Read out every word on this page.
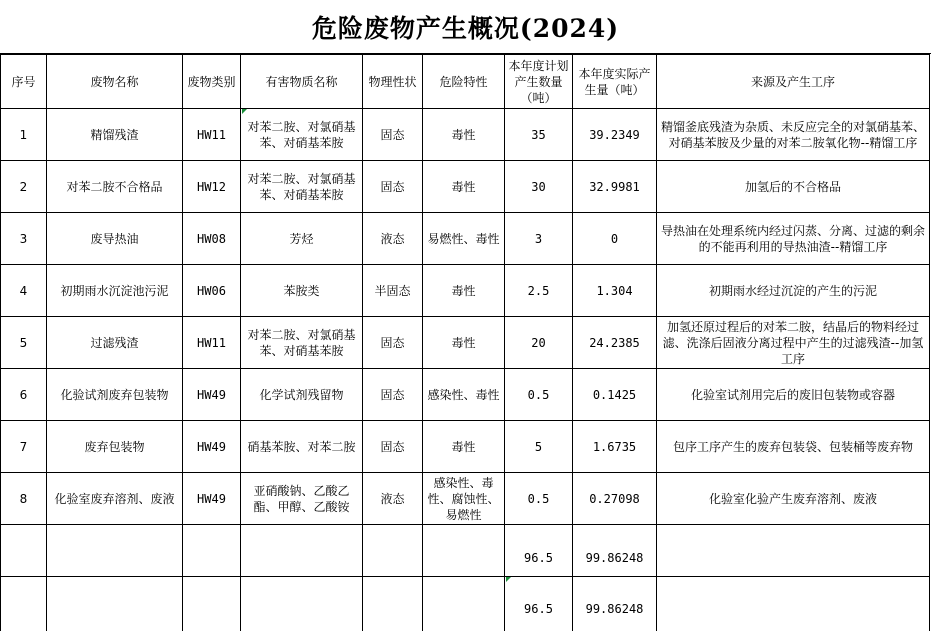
危险废物产生概况(2024)
序号	废物名称	废物类别	有害物质名称	物理性状	危险特性	本年度计划产生数量（吨）	本年度实际产生量（吨）	来源及产生工序
1	精馏残渣	HW11	对苯二胺、对氯硝基苯、对硝基苯胺	固态	毒性	35	39.2349	精馏釜底残渣为杂质、未反应完全的对氯硝基苯、对硝基苯胺及少量的对苯二胺氧化物--精馏工序
2	对苯二胺不合格品	HW12	对苯二胺、对氯硝基苯、对硝基苯胺	固态	毒性	30	32.9981	加氢后的不合格品
3	废导热油	HW08	芳烃	液态	易燃性、毒性	3	0	导热油在处理系统内经过闪蒸、分离、过滤的剩余的不能再利用的导热油渣--精馏工序
4	初期雨水沉淀池污泥	HW06	苯胺类	半固态	毒性	2.5	1.304	初期雨水经过沉淀的产生的污泥
5	过滤残渣	HW11	对苯二胺、对氯硝基苯、对硝基苯胺	固态	毒性	20	24.2385	加氢还原过程后的对苯二胺，结晶后的物料经过滤、洗涤后固液分离过程中产生的过滤残渣--加氢工序
6	化验试剂废弃包装物	HW49	化学试剂残留物	固态	感染性、毒性	0.5	0.1425	化验室试剂用完后的废旧包装物或容器
7	废弃包装物	HW49	硝基苯胺、对苯二胺	固态	毒性	5	1.6735	包序工序产生的废弃包装袋、包装桶等废弃物
8	化验室废弃溶剂、废液	HW49	亚硝酸钠、乙酸乙酯、甲醇、乙酸铵	液态	感染性、毒性、腐蚀性、易燃性	0.5	0.27098	化验室化验产生废弃溶剂、废液
						96.5	99.86248	
						96.5	99.86248	
